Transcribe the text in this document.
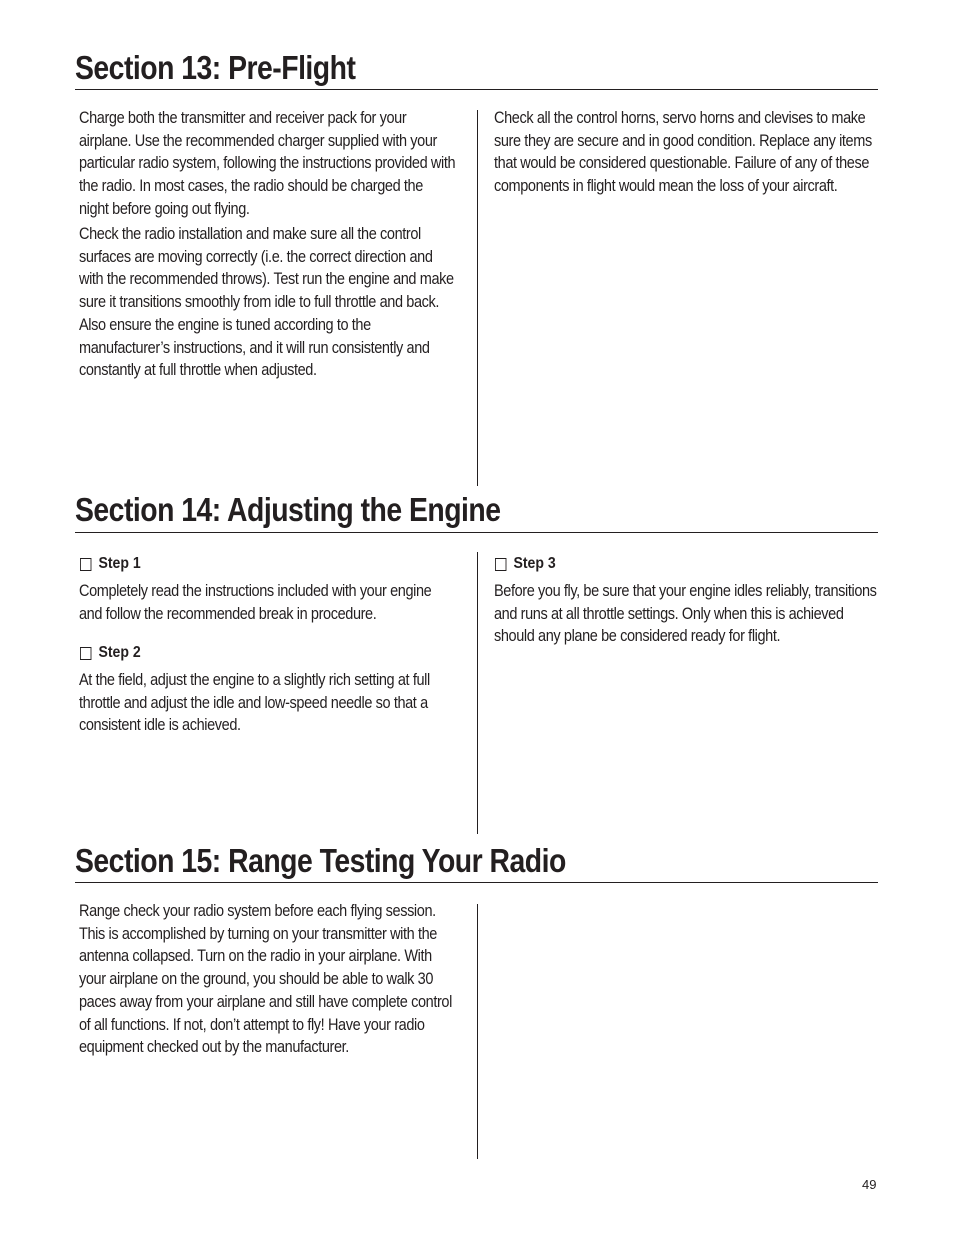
Section 13: Pre-Flight

Charge both the transmitter and receiver pack for your airplane. Use the recommended charger supplied with your particular radio system, following the instructions provided with the radio. In most cases, the radio should be charged the night before going out flying.

Check the radio installation and make sure all the control surfaces are moving correctly (i.e. the correct direction and with the recommended throws). Test run the engine and make sure it transitions smoothly from idle to full throttle and back. Also ensure the engine is tuned according to the manufacturer’s instructions, and it will run consistently and constantly at full throttle when adjusted.

Check all the control horns, servo horns and clevises to make sure they are secure and in good condition. Replace any items that would be considered questionable. Failure of any of these components in flight would mean the loss of your aircraft.

Section 14: Adjusting the Engine
Step 1

Completely read the instructions included with your engine and follow the recommended break in procedure.

Step 2

At the field, adjust the engine to a slightly rich setting at full throttle and adjust the idle and low-speed needle so that a consistent idle is achieved.

Step 3

Before you fly, be sure that your engine idles reliably, transitions and runs at all throttle settings. Only when this is achieved should any plane be considered ready for flight.

Section 15: Range Testing Your Radio

Range check your radio system before each flying session. This is accomplished by turning on your transmitter with the antenna collapsed. Turn on the radio in your airplane. With your airplane on the ground, you should be able to walk 30 paces away from your airplane and still have complete control of all functions. If not, don’t attempt to fly! Have your radio equipment checked out by the manufacturer.

49
